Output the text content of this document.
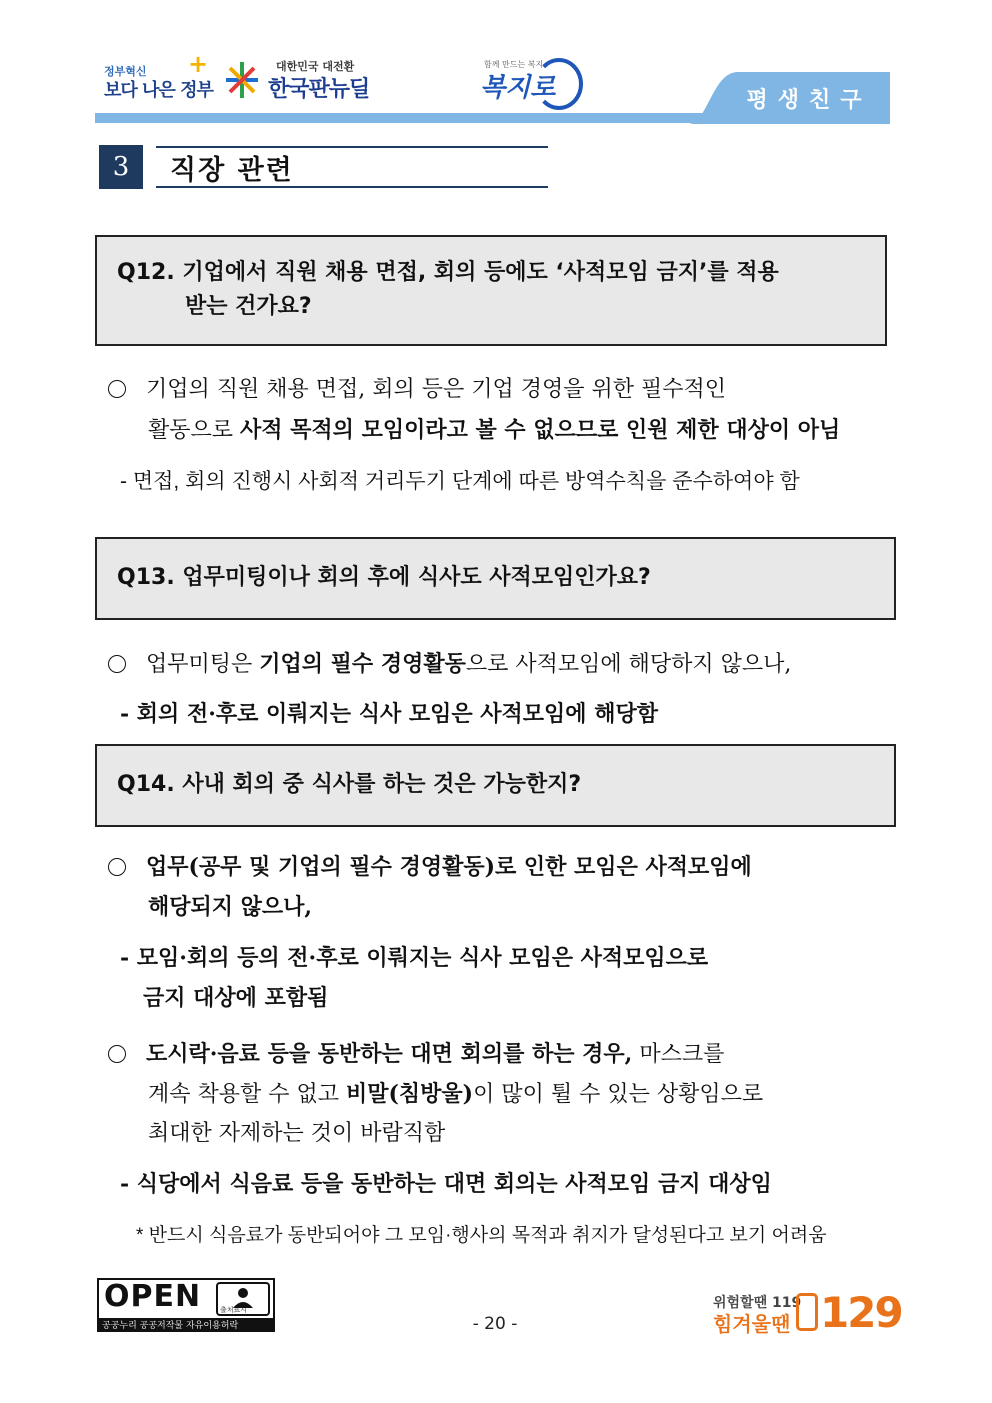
정부혁신
보다 나은 정부
+	대한민국 대전환
한국판뉴딜
함께 만드는 복지
복지로	평생친구
3	직장 관련
Q12. 기업에서 직원 채용 면접, 회의 등에도 ‘사적모임 금지’를 적용
받는 건가요?
기업의 직원 채용 면접, 회의 등은 기업 경영을 위한 필수적인
활동으로 사적 목적의 모임이라고 볼 수 없으므로 인원 제한 대상이 아님
- 면접, 회의 진행시 사회적 거리두기 단계에 따른 방역수칙을 준수하여야 함
Q13. 업무미팅이나 회의 후에 식사도 사적모임인가요?
업무미팅은 기업의 필수 경영활동으로 사적모임에 해당하지 않으나,
- 회의 전·후로 이뤄지는 식사 모임은 사적모임에 해당함
Q14. 사내 회의 중 식사를 하는 것은 가능한지?
업무(공무 및 기업의 필수 경영활동)로 인한 모임은 사적모임에
해당되지 않으나,
- 모임·회의 등의 전·후로 이뤄지는 식사 모임은 사적모임으로
금지 대상에 포함됨
도시락·음료 등을 동반하는 대면 회의를 하는 경우, 마스크를
계속 착용할 수 없고 비말(침방울)이 많이 튈 수 있는 상황임으로
최대한 자제하는 것이 바람직함
- 식당에서 식음료 등을 동반하는 대면 회의는 사적모임 금지 대상임
* 반드시 식음료가 동반되어야 그 모임·행사의 목적과 취지가 달성된다고 보기 어려움
OPEN	출처표시
공공누리 공공저작물 자유이용허락	- 20 -
위험할땐 119
힘겨울땐 129
